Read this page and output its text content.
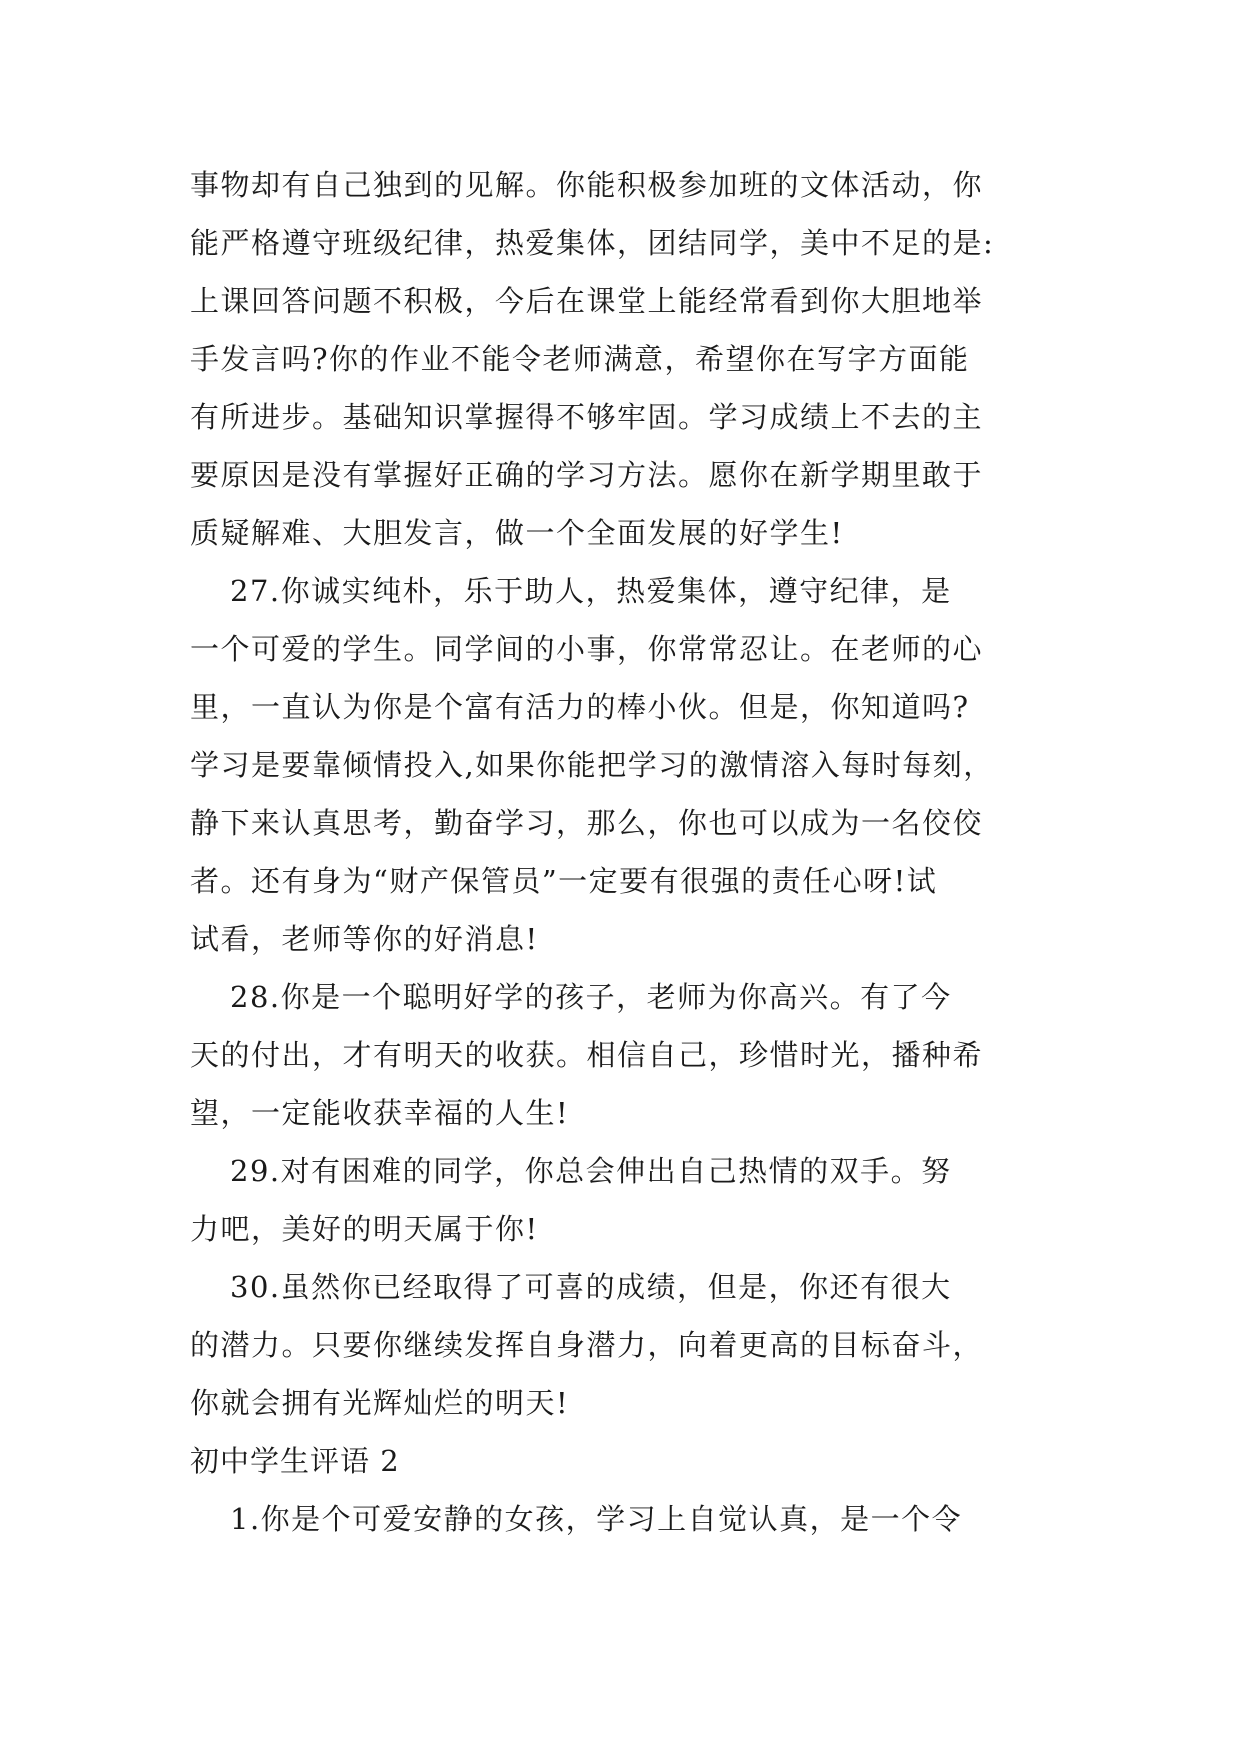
事物却有自己独到的见解。你能积极参加班的文体活动，你
能严格遵守班级纪律，热爱集体，团结同学，美中不足的是:
上课回答问题不积极，今后在课堂上能经常看到你大胆地举
手发言吗?你的作业不能令老师满意，希望你在写字方面能
有所进步。基础知识掌握得不够牢固。学习成绩上不去的主
要原因是没有掌握好正确的学习方法。愿你在新学期里敢于
质疑解难、大胆发言，做一个全面发展的好学生!
27.你诚实纯朴，乐于助人，热爱集体，遵守纪律，是
一个可爱的学生。同学间的小事，你常常忍让。在老师的心
里，一直认为你是个富有活力的棒小伙。但是，你知道吗?
学习是要靠倾情投入,如果你能把学习的激情溶入每时每刻，
静下来认真思考，勤奋学习，那么，你也可以成为一名佼佼
者。还有身为“财产保管员”一定要有很强的责任心呀!试
试看，老师等你的好消息!
28.你是一个聪明好学的孩子，老师为你高兴。有了今
天的付出，才有明天的收获。相信自己，珍惜时光，播种希
望，一定能收获幸福的人生!
29.对有困难的同学，你总会伸出自己热情的双手。努
力吧，美好的明天属于你!
30.虽然你已经取得了可喜的成绩，但是，你还有很大
的潜力。只要你继续发挥自身潜力，向着更高的目标奋斗，
你就会拥有光辉灿烂的明天!
初中学生评语 2
1.你是个可爱安静的女孩，学习上自觉认真，是一个令
